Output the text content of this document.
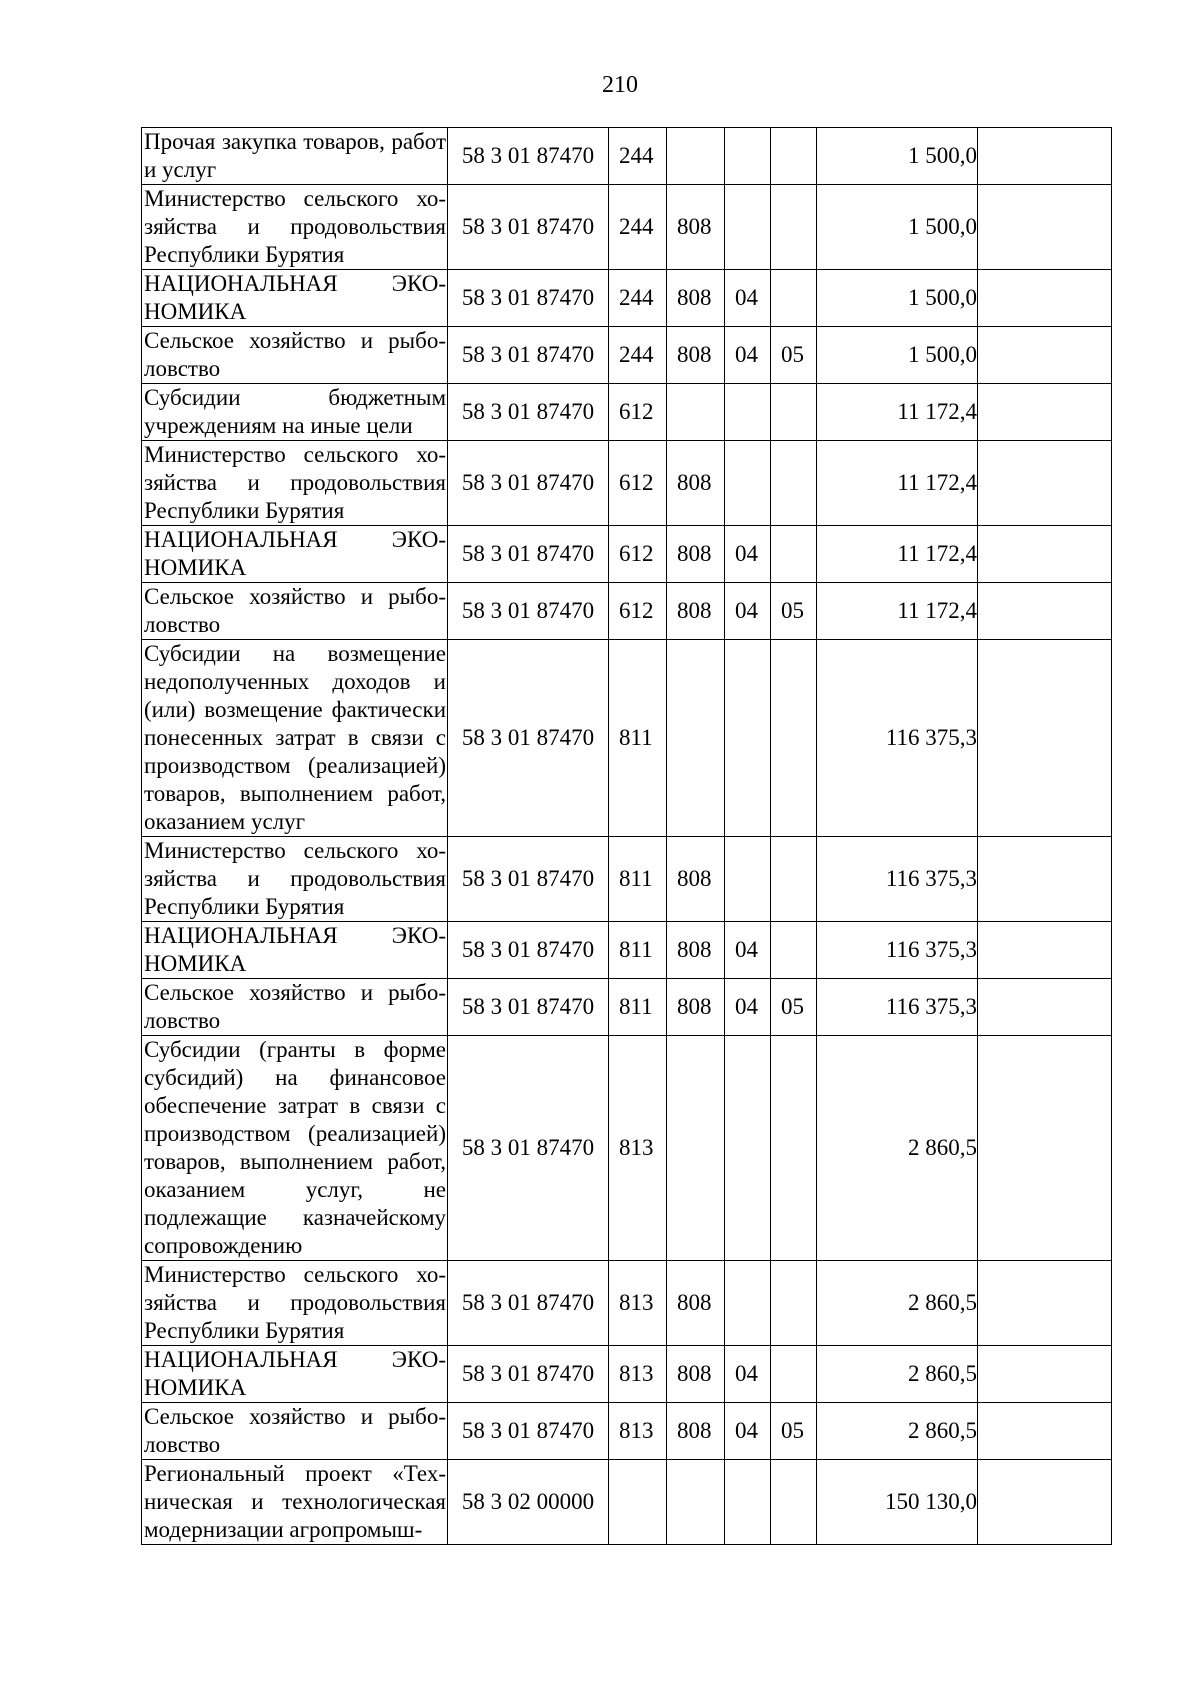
210
Прочая закупка товаров, работ и услуг	58 3 01 87470	244				1 500,0	
Министерство сельского хозяйства и продовольствия Республики Бурятия	58 3 01 87470	244	808			1 500,0	
НАЦИОНАЛЬНАЯ ЭКОНОМИКА	58 3 01 87470	244	808	04		1 500,0	
Сельское хозяйство и рыболовство	58 3 01 87470	244	808	04	05	1 500,0	
Субсидии бюджетным учреждениям на иные цели	58 3 01 87470	612				11 172,4	
Министерство сельского хозяйства и продовольствия Республики Бурятия	58 3 01 87470	612	808			11 172,4	
НАЦИОНАЛЬНАЯ ЭКОНОМИКА	58 3 01 87470	612	808	04		11 172,4	
Сельское хозяйство и рыболовство	58 3 01 87470	612	808	04	05	11 172,4	
Субсидии на возмещение недополученных доходов и (или) возмещение фактически понесенных затрат в связи с производством (реализацией) товаров, выполнением работ, оказанием услуг	58 3 01 87470	811				116 375,3	
Министерство сельского хозяйства и продовольствия Республики Бурятия	58 3 01 87470	811	808			116 375,3	
НАЦИОНАЛЬНАЯ ЭКОНОМИКА	58 3 01 87470	811	808	04		116 375,3	
Сельское хозяйство и рыболовство	58 3 01 87470	811	808	04	05	116 375,3	
Субсидии (гранты в форме субсидий) на финансовое обеспечение затрат в связи с производством (реализацией) товаров, выполнением работ, оказанием услуг, не подлежащие казначейскому сопровождению	58 3 01 87470	813				2 860,5	
Министерство сельского хозяйства и продовольствия Республики Бурятия	58 3 01 87470	813	808			2 860,5	
НАЦИОНАЛЬНАЯ ЭКОНОМИКА	58 3 01 87470	813	808	04		2 860,5	
Сельское хозяйство и рыболовство	58 3 01 87470	813	808	04	05	2 860,5	
Региональный проект «Техническая и технологическая модернизации агропромыш-	58 3 02 00000					150 130,0	
